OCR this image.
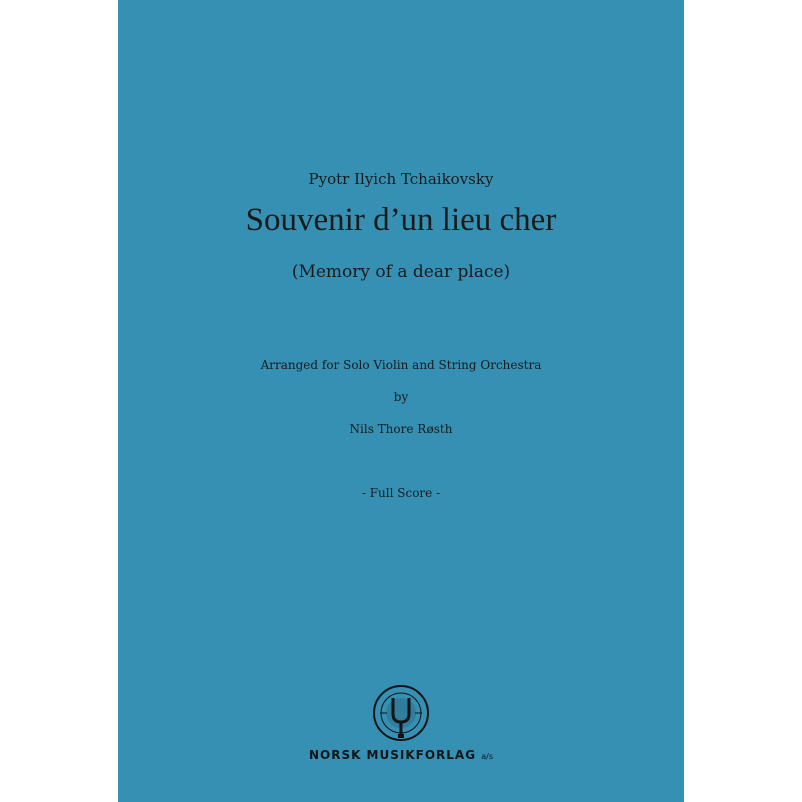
Pyotr Ilyich Tchaikovsky
Souvenir d’un lieu cher
(Memory of a dear place)
Arranged for Solo Violin and String Orchestra
by
Nils Thore Røsth
- Full Score -
NORSK MUSIKFORLAG a/s
